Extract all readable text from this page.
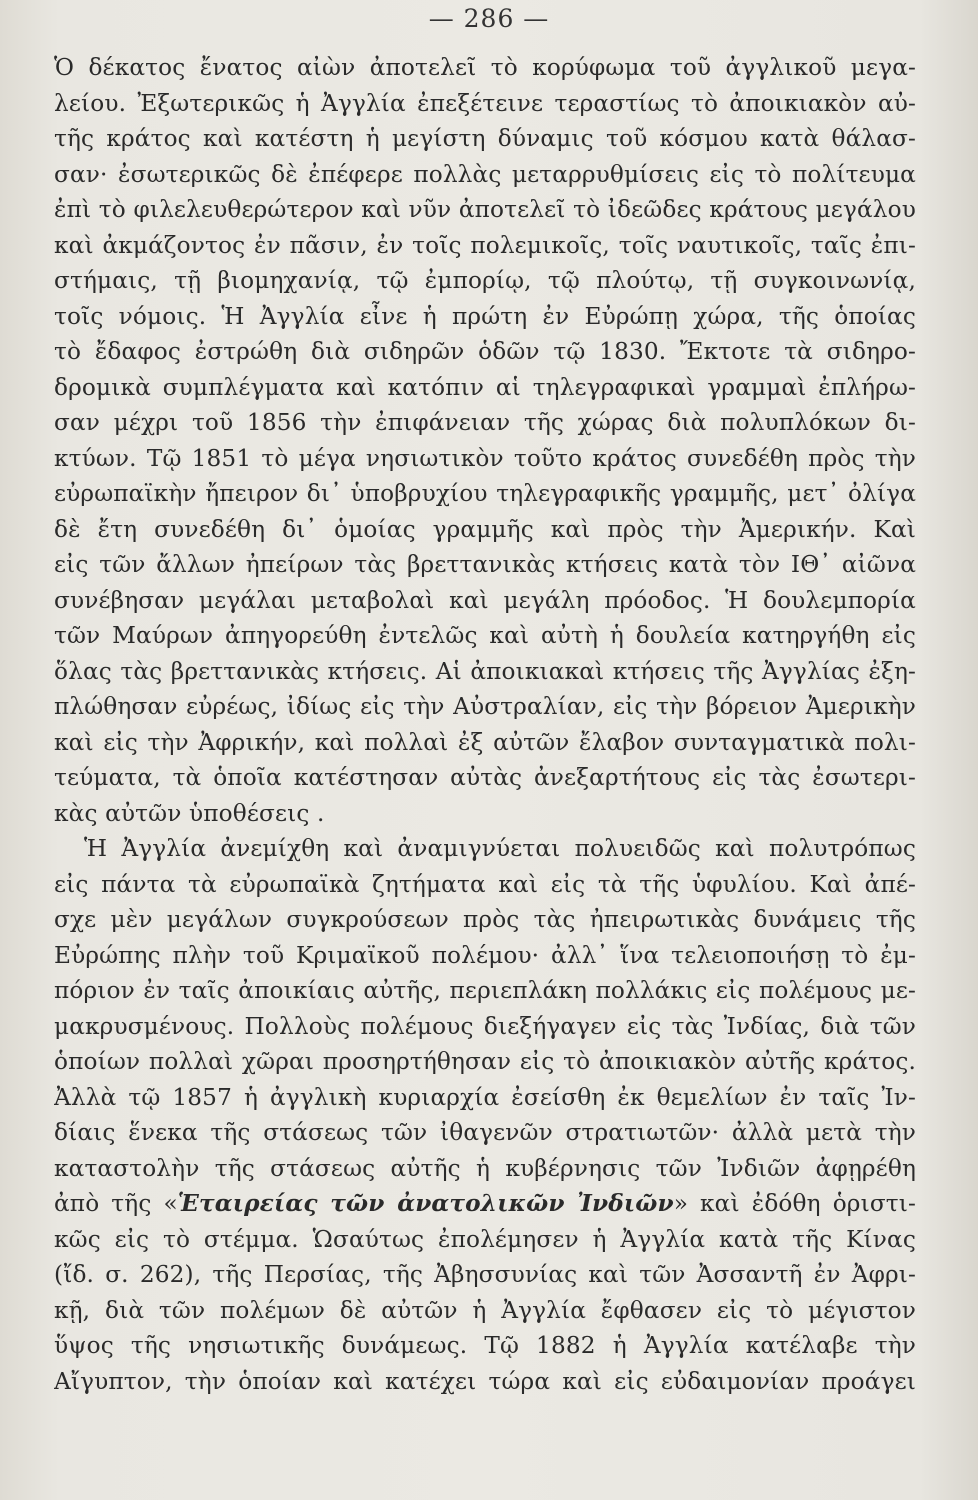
— 286 —
Ὁ δέκατος ἔνατος αἰὼν ἀποτελεῖ τὸ κορύφωμα τοῦ ἀγγλικοῦ μεγα-
λείου. Ἐξωτερικῶς ἡ Ἀγγλία ἐπεξέτεινε τεραστίως τὸ ἀποικιακὸν αὐ-
τῆς κράτος καὶ κατέστη ἡ μεγίστη δύναμις τοῦ κόσμου κατὰ θάλασ-
σαν· ἐσωτερικῶς δὲ ἐπέφερε πολλὰς μεταρρυθμίσεις εἰς τὸ πολίτευμα
ἐπὶ τὸ φιλελευθερώτερον καὶ νῦν ἀποτελεῖ τὸ ἰδεῶδες κράτους μεγάλου
καὶ ἀκμάζοντος ἐν πᾶσιν, ἐν τοῖς πολεμικοῖς, τοῖς ναυτικοῖς, ταῖς ἐπι-
στήμαις, τῇ βιομηχανίᾳ, τῷ ἐμπορίῳ, τῷ πλούτῳ, τῇ συγκοινωνίᾳ,
τοῖς νόμοις. Ἡ Ἀγγλία εἶνε ἡ πρώτη ἐν Εὐρώπῃ χώρα, τῆς ὁποίας
τὸ ἔδαφος ἐστρώθη διὰ σιδηρῶν ὁδῶν τῷ 1830. Ἔκτοτε τὰ σιδηρο-
δρομικὰ συμπλέγματα καὶ κατόπιν αἱ τηλεγραφικαὶ γραμμαὶ ἐπλήρω-
σαν μέχρι τοῦ 1856 τὴν ἐπιφάνειαν τῆς χώρας διὰ πολυπλόκων δι-
κτύων. Τῷ 1851 τὸ μέγα νησιωτικὸν τοῦτο κράτος συνεδέθη πρὸς τὴν
εὐρωπαϊκὴν ἤπειρον δι᾽ ὑποβρυχίου τηλεγραφικῆς γραμμῆς, μετ᾽ ὀλίγα
δὲ ἔτη συνεδέθη δι᾽ ὁμοίας γραμμῆς καὶ πρὸς τὴν Ἀμερικήν. Καὶ
εἰς τῶν ἄλλων ἠπείρων τὰς βρεττανικὰς κτήσεις κατὰ τὸν ΙΘ᾽ αἰῶνα
συνέβησαν μεγάλαι μεταβολαὶ καὶ μεγάλη πρόοδος. Ἡ δουλεμπορία
τῶν Μαύρων ἀπηγορεύθη ἐντελῶς καὶ αὐτὴ ἡ δουλεία κατηργήθη εἰς
ὅλας τὰς βρεττανικὰς κτήσεις. Αἱ ἀποικιακαὶ κτήσεις τῆς Ἀγγλίας ἐξη-
πλώθησαν εὐρέως, ἰδίως εἰς τὴν Αὐστραλίαν, εἰς τὴν βόρειον Ἀμερικὴν
καὶ εἰς τὴν Ἀφρικήν, καὶ πολλαὶ ἐξ αὐτῶν ἔλαβον συνταγματικὰ πολι-
τεύματα, τὰ ὁποῖα κατέστησαν αὐτὰς ἀνεξαρτήτους εἰς τὰς ἐσωτερι-
κὰς αὐτῶν ὑποθέσεις .
Ἡ Ἀγγλία ἀνεμίχθη καὶ ἀναμιγνύεται πολυειδῶς καὶ πολυτρόπως
εἰς πάντα τὰ εὐρωπαϊκὰ ζητήματα καὶ εἰς τὰ τῆς ὑφυλίου. Καὶ ἀπέ-
σχε μὲν μεγάλων συγκρούσεων πρὸς τὰς ἠπειρωτικὰς δυνάμεις τῆς
Εὐρώπης πλὴν τοῦ Κριμαϊκοῦ πολέμου· ἀλλ᾽ ἵνα τελειοποιήσῃ τὸ ἐμ-
πόριον ἐν ταῖς ἀποικίαις αὐτῆς, περιεπλάκη πολλάκις εἰς πολέμους με-
μακρυσμένους. Πολλοὺς πολέμους διεξήγαγεν εἰς τὰς Ἰνδίας, διὰ τῶν
ὁποίων πολλαὶ χῶραι προσηρτήθησαν εἰς τὸ ἀποικιακὸν αὐτῆς κράτος.
Ἀλλὰ τῷ 1857 ἡ ἀγγλικὴ κυριαρχία ἐσείσθη ἐκ θεμελίων ἐν ταῖς Ἰν-
δίαις ἕνεκα τῆς στάσεως τῶν ἰθαγενῶν στρατιωτῶν· ἀλλὰ μετὰ τὴν
καταστολὴν τῆς στάσεως αὐτῆς ἡ κυβέρνησις τῶν Ἰνδιῶν ἀφῃρέθη
ἀπὸ τῆς «Ἑταιρείας τῶν ἀνατολικῶν Ἰνδιῶν» καὶ ἐδόθη ὁριστι-
κῶς εἰς τὸ στέμμα. Ὡσαύτως ἐπολέμησεν ἡ Ἀγγλία κατὰ τῆς Κίνας
(ἴδ. σ. 262), τῆς Περσίας, τῆς Ἀβησσυνίας καὶ τῶν Ἀσσαντῆ ἐν Ἀφρι-
κῇ, διὰ τῶν πολέμων δὲ αὐτῶν ἡ Ἀγγλία ἔφθασεν εἰς τὸ μέγιστον
ὕψος τῆς νησιωτικῆς δυνάμεως. Τῷ 1882 ἡ Ἀγγλία κατέλαβε τὴν
Αἴγυπτον, τὴν ὁποίαν καὶ κατέχει τώρα καὶ εἰς εὐδαιμονίαν προάγει
